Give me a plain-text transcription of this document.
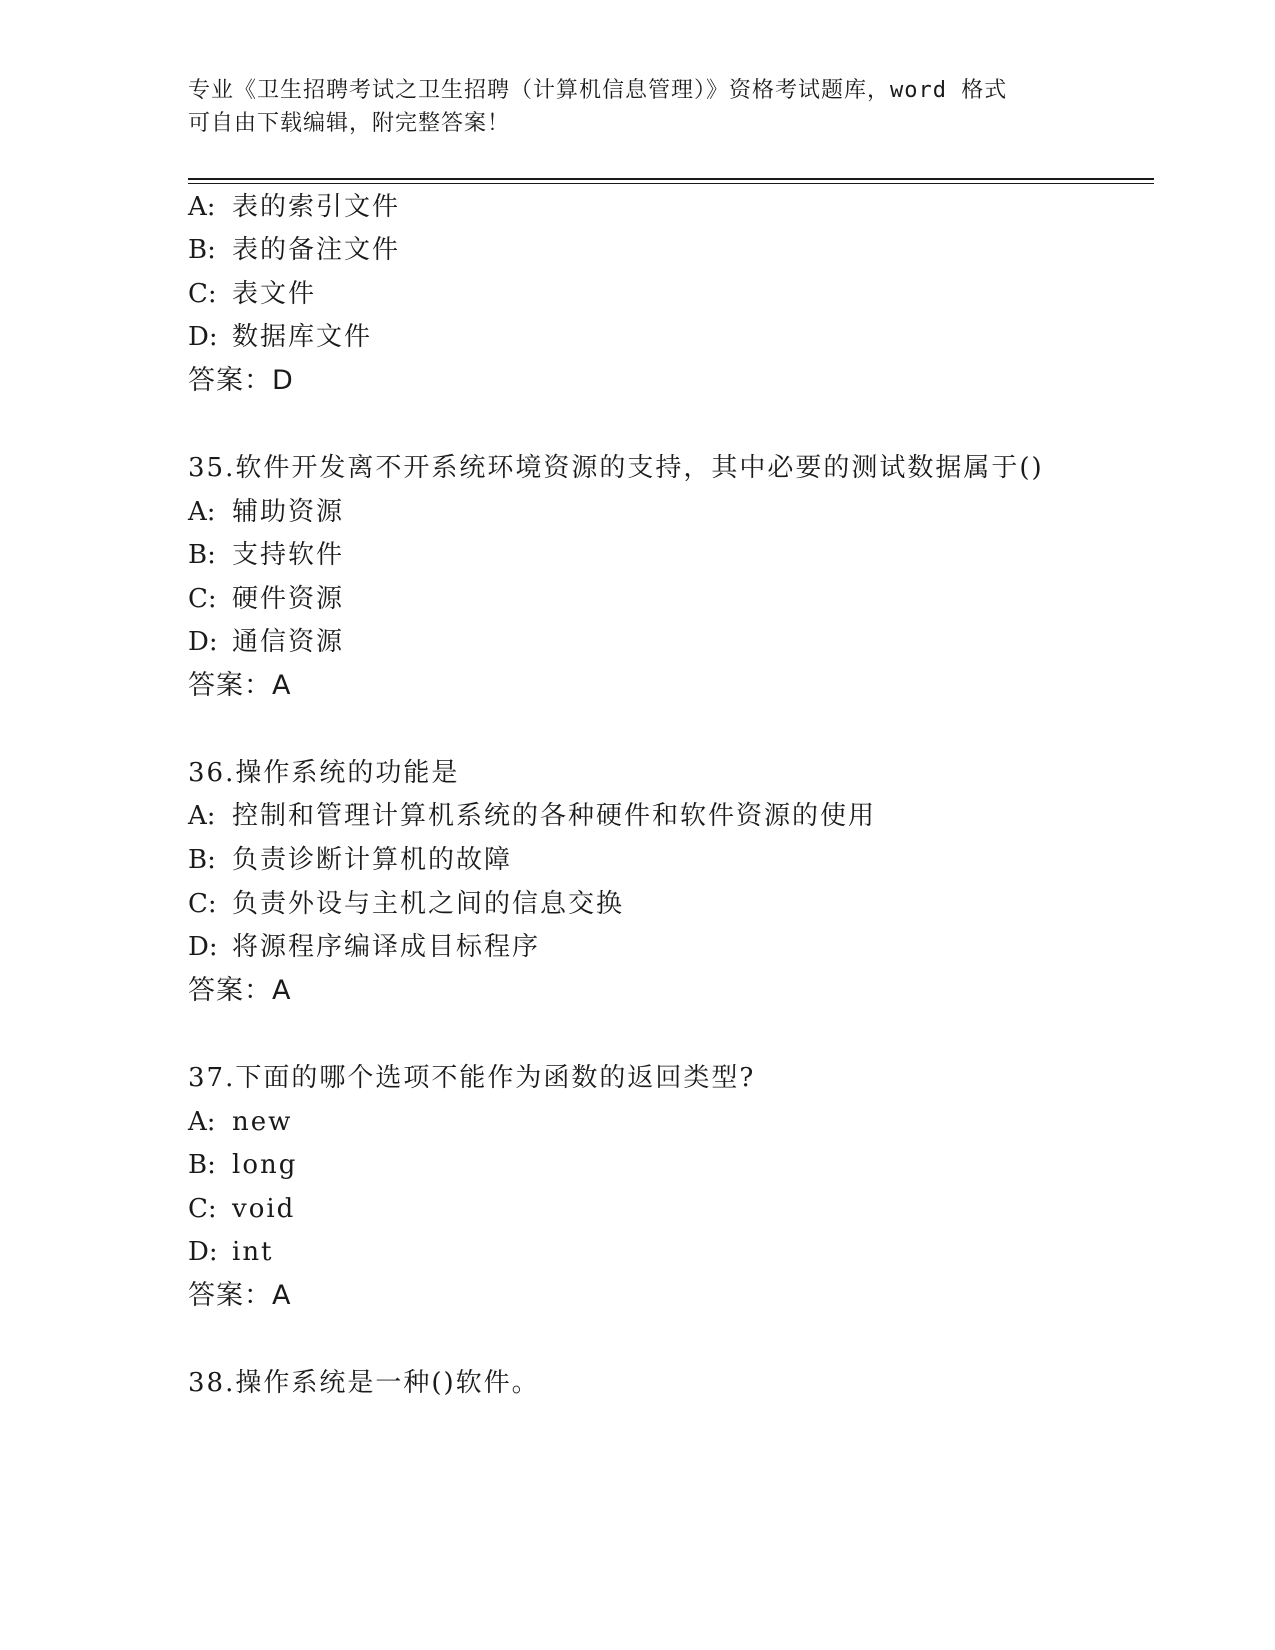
专业《卫生招聘考试之卫生招聘（计算机信息管理）》资格考试题库，word 格式
可自由下载编辑，附完整答案！
A: 表的索引文件
B: 表的备注文件
C: 表文件
D: 数据库文件
答案：D
35.软件开发离不开系统环境资源的支持，其中必要的测试数据属于()
A: 辅助资源
B: 支持软件
C: 硬件资源
D: 通信资源
答案：A
36.操作系统的功能是
A: 控制和管理计算机系统的各种硬件和软件资源的使用
B: 负责诊断计算机的故障
C: 负责外设与主机之间的信息交换
D: 将源程序编译成目标程序
答案：A
37.下面的哪个选项不能作为函数的返回类型?
A: new
B: long
C: void
D: int
答案：A
38.操作系统是一种()软件。
